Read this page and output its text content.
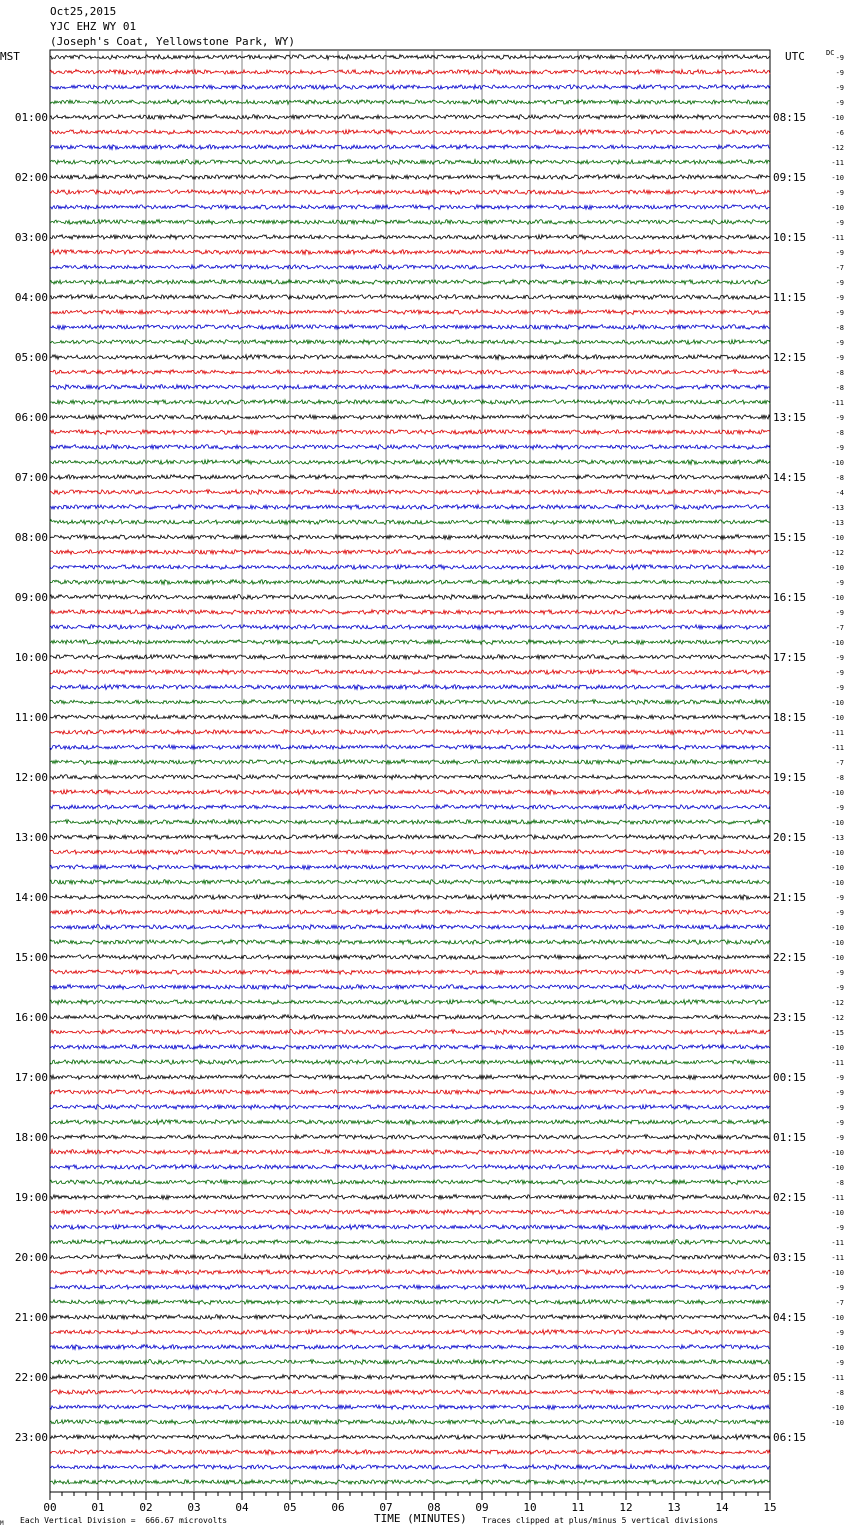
Oct25,2015
YJC EHZ WY 01
(Joseph's Coat, Yellowstone Park, WY)
MST	UTC	DC
-9
-9
-9
-9
-10
-6
-12
-11
-10
-9
-10
-9
-11
-9
-7
-9
-9
-9
-8
-9
-9
-8
-8
-11
-9
-8
-9
-10
-8
-4
-13
-13
-10
-12
-10
-9
-10
-9
-7
-10
-9
-9
-9
-10
-10
-11
-11
-7
-8
-10
-9
-10
-13
-10
-10
-10
-9
-9
-10
-10
-10
-9
-9
-12
-12
-15
-10
-11
-9
-9
-9
-9
-9
-10
-10
-8
-11
-10
-9
-11
-11
-10
-9
-7
-10
-9
-10
-9
-11
-8
-10
-10
01:00
02:00
03:00
04:00
05:00
06:00
07:00
08:00
09:00
10:00
11:00
12:00
13:00
14:00
15:00
16:00
17:00
18:00
19:00
20:00
21:00
22:00
23:00
08:15
09:15
10:15
11:15
12:15
13:15
14:15
15:15
16:15
17:15
18:15
19:15
20:15
21:15
22:15
23:15
00:15
01:15
02:15
03:15
04:15
05:15
06:15
00	01	02	03	04	05	06	07	08	09	10	11	12	13	14	15
M Each Vertical Division =  666.67 microvolts	TIME (MINUTES) Traces clipped at plus/minus 5 vertical divisions
